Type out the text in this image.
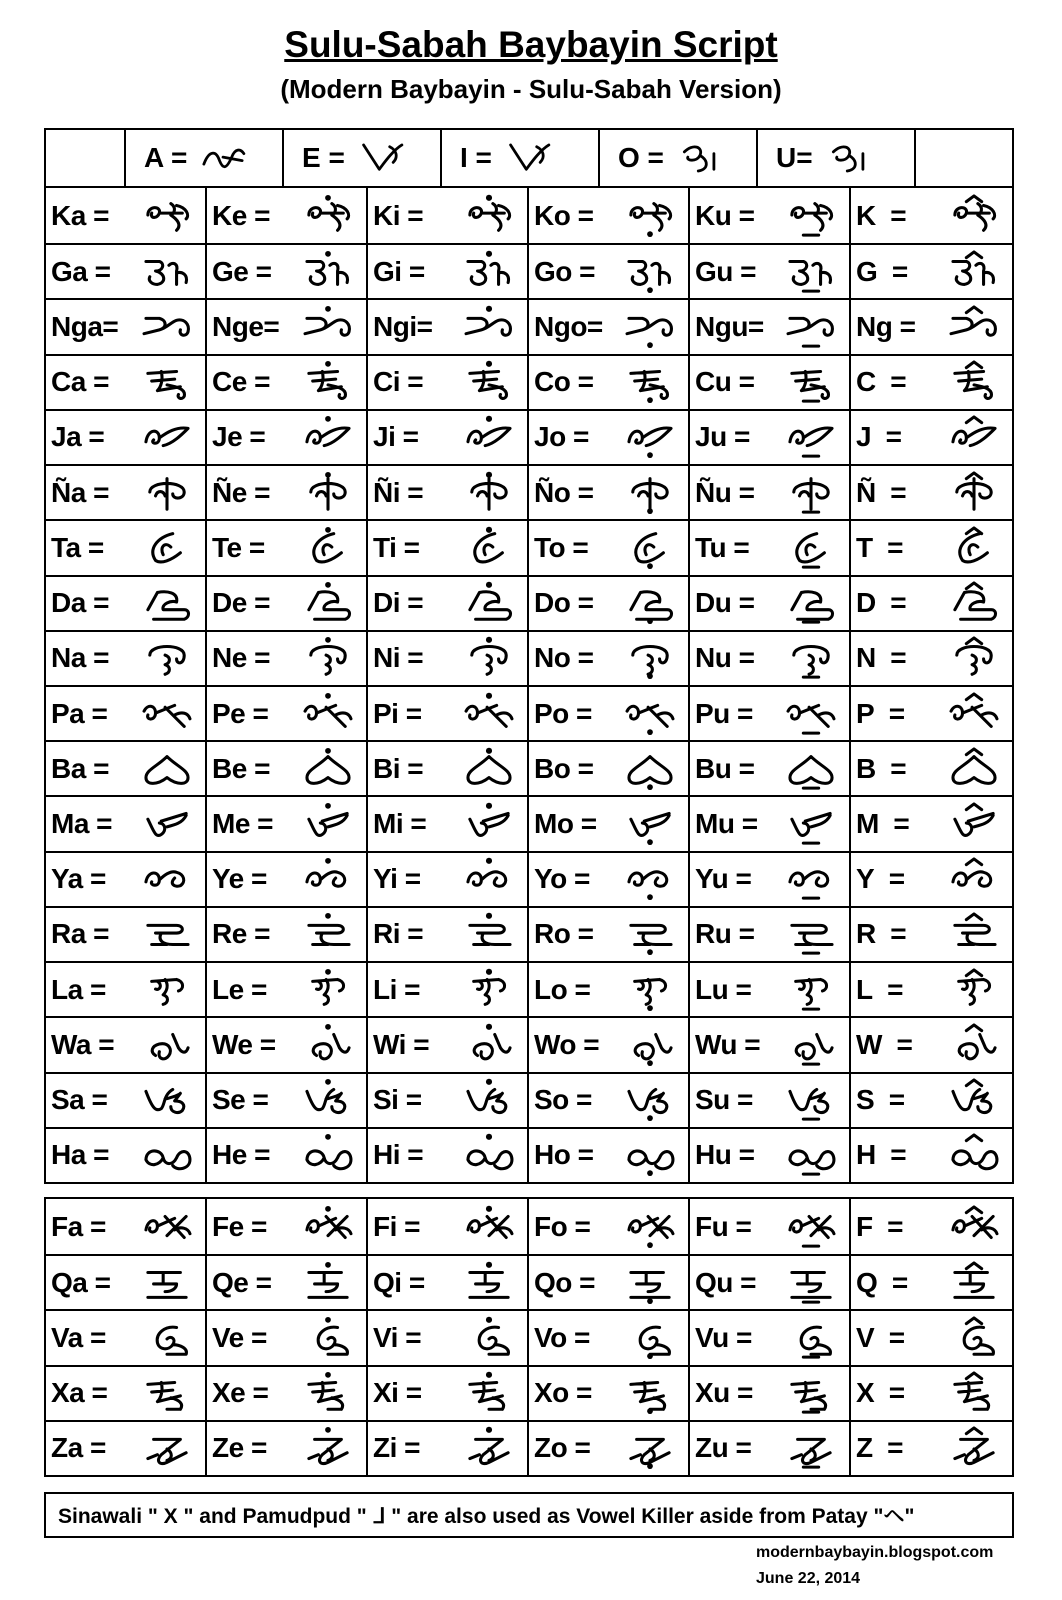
Sulu-Sabah Baybayin Script
(Modern Baybayin - Sulu-Sabah Version)
A =	E =	I =	O =	U=
Ka =	Ke =	Ki =	Ko =	Ku =	K  =
Ga =	Ge =	Gi =	Go =	Gu =	G  =
Nga=	Nge=	Ngi=	Ngo=	Ngu=	Ng =
Ca =	Ce =	Ci =	Co =	Cu =	C  =
Ja =	Je =	Ji =	Jo =	Ju =	J  =
Ña =	Ñe =	Ñi =	Ño =	Ñu =	Ñ  =
Ta =	Te =	Ti =	To =	Tu =	T  =
Da =	De =	Di =	Do =	Du =	D  =
Na =	Ne =	Ni =	No =	Nu =	N  =
Pa =	Pe =	Pi =	Po =	Pu =	P  =
Ba =	Be =	Bi =	Bo =	Bu =	B  =
Ma =	Me =	Mi =	Mo =	Mu =	M  =
Ya =	Ye =	Yi =	Yo =	Yu =	Y  =
Ra =	Re =	Ri =	Ro =	Ru =	R  =
La =	Le =	Li =	Lo =	Lu =	L  =
Wa =	We =	Wi =	Wo =	Wu =	W  =
Sa =	Se =	Si =	So =	Su =	S  =
Ha =	He =	Hi =	Ho =	Hu =	H  =
Fa =	Fe =	Fi =	Fo =	Fu =	F  =
Qa =	Qe =	Qi =	Qo =	Qu =	Q  =
Va =	Ve =	Vi =	Vo =	Vu =	V  =
Xa =	Xe =	Xi =	Xo =	Xu =	X  =
Za =	Ze =	Zi =	Zo =	Zu =	Z  =
Sinawali " X " and Pamudpud " ᒧ " are also used as Vowel Killer aside from Patay "ヘ"
modernbaybayin.blogspot.com
June 22, 2014
